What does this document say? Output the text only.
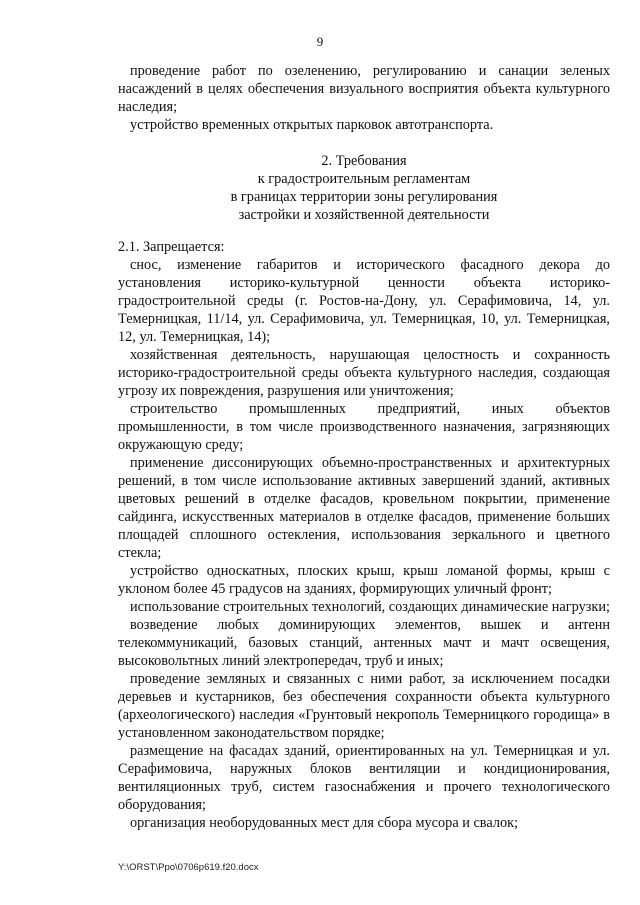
9

проведение работ по озеленению, регулированию и санации зеленых насаждений в целях обеспечения визуального восприятия объекта культурного наследия;

устройство временных открытых парковок автотранспорта.

2. Требования
к градостроительным регламентам
в границах территории зоны регулирования
застройки и хозяйственной деятельности

2.1. Запрещается:

снос, изменение габаритов и исторического фасадного декора до установления историко-культурной ценности объекта историко-градостроительной среды (г. Ростов-на-Дону, ул. Серафимовича, 14, ул. Темерницкая, 11/14, ул. Серафимовича, ул. Темерницкая, 10, ул. Темерницкая, 12, ул. Темерницкая, 14);

хозяйственная деятельность, нарушающая целостность и сохранность историко-градостроительной среды объекта культурного наследия, создающая угрозу их повреждения, разрушения или уничтожения;

строительство промышленных предприятий, иных объектов промышленности, в том числе производственного назначения, загрязняющих окружающую среду;

применение диссонирующих объемно-пространственных и архитектурных решений, в том числе использование активных завершений зданий, активных цветовых решений в отделке фасадов, кровельном покрытии, применение сайдинга, искусственных материалов в отделке фасадов, применение больших площадей сплошного остекления, использования зеркального и цветного стекла;

устройство односкатных, плоских крыш, крыш ломаной формы, крыш с уклоном более 45 градусов на зданиях, формирующих уличный фронт;

использование строительных технологий, создающих динамические нагрузки;

возведение любых доминирующих элементов, вышек и антенн телекоммуникаций, базовых станций, антенных мачт и мачт освещения, высоковольтных линий электропередач, труб и иных;

проведение земляных и связанных с ними работ, за исключением посадки деревьев и кустарников, без обеспечения сохранности объекта культурного (археологического) наследия «Грунтовый некрополь Темерницкого городища» в установленном законодательством порядке;

размещение на фасадах зданий, ориентированных на ул. Темерницкая и ул. Серафимовича, наружных блоков вентиляции и кондиционирования, вентиляционных труб, систем газоснабжения и прочего технологического оборудования;

организация необорудованных мест для сбора мусора и свалок;

Y:\ORST\Ppo\0706p619.f20.docx
